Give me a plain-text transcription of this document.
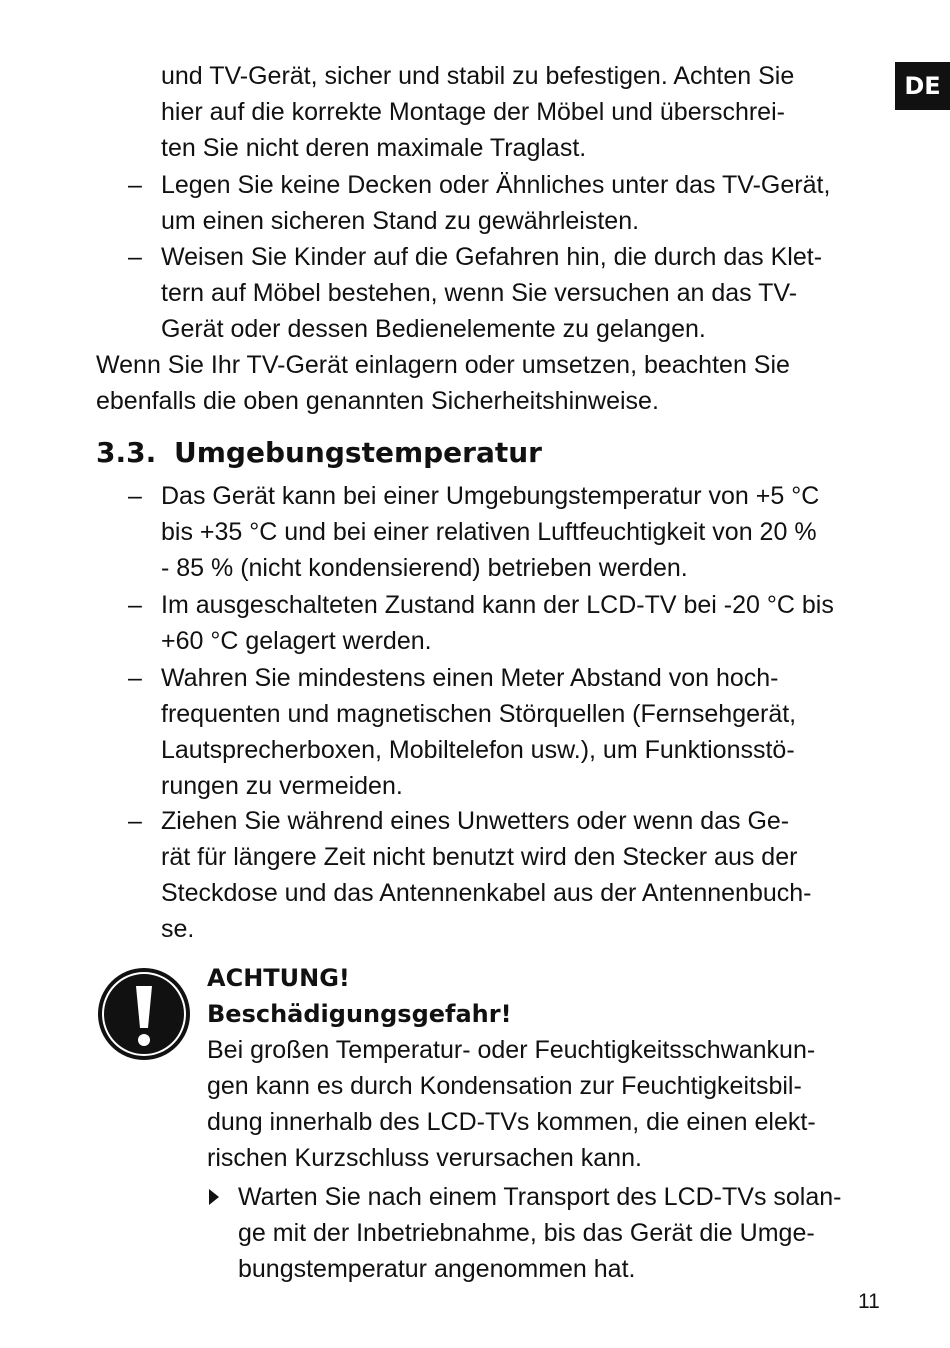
DE
und TV-Gerät, sicher und stabil zu befestigen. Achten Sie
hier auf die korrekte Montage der Möbel und überschrei-
ten Sie nicht deren maximale Traglast.
– Legen Sie keine Decken oder Ähnliches unter das TV-Gerät,
um einen sicheren Stand zu gewährleisten.
– Weisen Sie Kinder auf die Gefahren hin, die durch das Klet-
tern auf Möbel bestehen, wenn Sie versuchen an das TV-
Gerät oder dessen Bedienelemente zu gelangen.
Wenn Sie Ihr TV-Gerät einlagern oder umsetzen, beachten Sie
ebenfalls die oben genannten Sicherheitshinweise.
3.3. Umgebungstemperatur
– Das Gerät kann bei einer Umgebungstemperatur von +5 °C
bis +35 °C und bei einer relativen Luftfeuchtigkeit von 20 %
- 85 % (nicht kondensierend) betrieben werden.
– Im ausgeschalteten Zustand kann der LCD-TV bei -20 °C bis
+60 °C gelagert werden.
– Wahren Sie mindestens einen Meter Abstand von hoch-
frequenten und magnetischen Störquellen (Fernsehgerät,
Lautsprecherboxen, Mobiltelefon usw.), um Funktionsstö-
rungen zu vermeiden.
– Ziehen Sie während eines Unwetters oder wenn das Ge-
rät für längere Zeit nicht benutzt wird den Stecker aus der
Steckdose und das Antennenkabel aus der Antennenbuch-
se.
ACHTUNG!
Beschädigungsgefahr!
Bei großen Temperatur- oder Feuchtigkeitsschwankun-
gen kann es durch Kondensation zur Feuchtigkeitsbil-
dung innerhalb des LCD-TVs kommen, die einen elekt-
rischen Kurzschluss verursachen kann.
Warten Sie nach einem Transport des LCD-TVs solan-
ge mit der Inbetriebnahme, bis das Gerät die Umge-
bungstemperatur angenommen hat.
11
